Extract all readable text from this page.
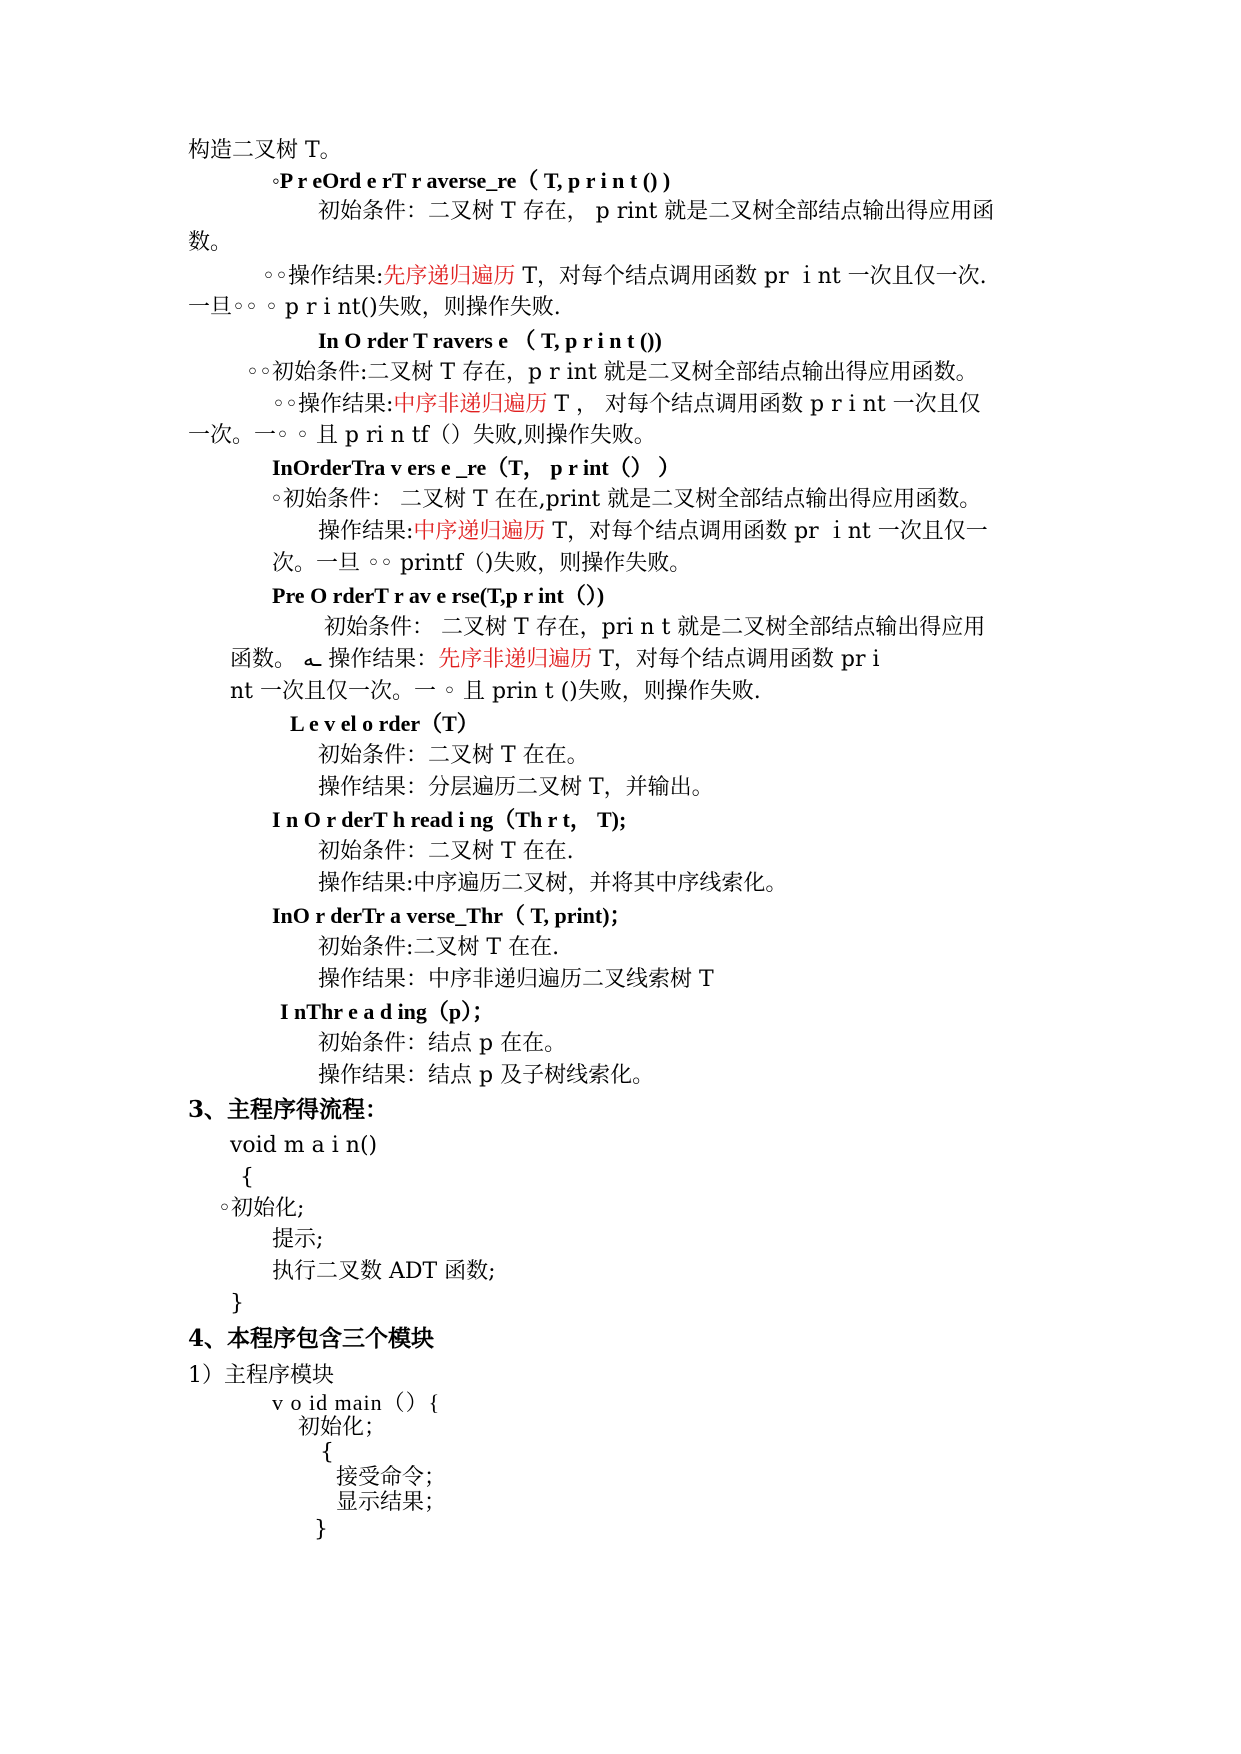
构造二叉树 T。
◦P r eOrd e rT r averse_re（ T, p r i n t () )
初始条件：二叉树 T 存在， p rint 就是二叉树全部结点输出得应用函
数。
◦◦操作结果:先序递归遍历 T，对每个结点调用函数 pr ｉnt 一次且仅一次.
一旦◦◦ ◦ p r i nt()失败，则操作失败.
In O rder T ravers e （ T, p r i n t ())
◦◦初始条件:二叉树 T 存在，p r int 就是二叉树全部结点输出得应用函数。
◦◦操作结果:中序非递归遍历 T ， 对每个结点调用函数 p r i nt 一次且仅
一次。一◦ ◦ 且 p ri n tf（）失败,则操作失败。
InOrderTra v ers e _re（T， p r int（） ）
◦初始条件： 二叉树 T 在在,print 就是二叉树全部结点输出得应用函数。
操作结果:中序递归遍历 T，对每个结点调用函数 pr ｉnt 一次且仅一
次。一旦 ◦◦ printf（)失败，则操作失败。
Pre O rderT r av e rse(T,p r int（）)
初始条件： 二叉树 T 存在，pri n t 就是二叉树全部结点输出得应用
函数。 ـه 操作结果：先序非递归遍历 T，对每个结点调用函数 pr i
nt 一次且仅一次。一 ◦ 且 prin t ()失败，则操作失败.
L e v el o rder（T）
初始条件：二叉树 T 在在。
操作结果：分层遍历二叉树 T，并输出。
I n O r derT h read i ng（Th r t， T);
初始条件：二叉树 T 在在.
操作结果:中序遍历二叉树，并将其中序线索化。
InO r derTr a verse_Thr（ T, print)；
初始条件:二叉树 T 在在.
操作结果：中序非递归遍历二叉线索树 T
I nThr e a d ing（p）；
初始条件：结点 p 在在。
操作结果：结点 p 及子树线索化。
3、主程序得流程：
void m a i n()
{
◦初始化;
提示;
执行二叉数 ADT 函数;
}
4、本程序包含三个模块
1）主程序模块
v o id main（）{
初始化；
{
接受命令；
显示结果；
}
